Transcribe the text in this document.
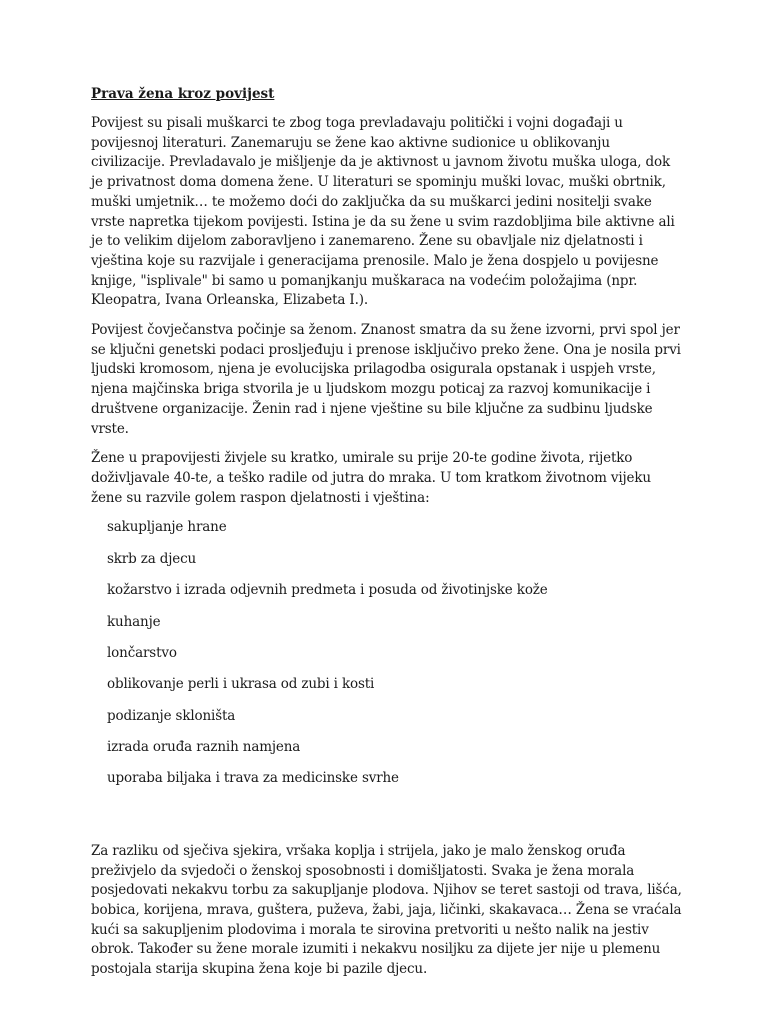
Prava žena kroz povijest

Povijest su pisali muškarci te zbog toga prevladavaju politički i vojni događaji u povijesnoj literaturi. Zanemaruju se žene kao aktivne sudionice u oblikovanju civilizacije. Prevladavalo je mišljenje da je aktivnost u javnom životu muška uloga, dok je privatnost doma domena žene. U literaturi se spominju muški lovac, muški obrtnik, muški umjetnik… te možemo doći do zaključka da su muškarci jedini nositelji svake vrste napretka tijekom povijesti. Istina je da su žene u svim razdobljima bile aktivne ali je to velikim dijelom zaboravljeno i zanemareno. Žene su obavljale niz djelatnosti i vještina koje su razvijale i generacijama prenosile. Malo je žena dospjelo u povijesne knjige, "isplivale" bi samo u pomanjkanju muškaraca na vodećim položajima (npr. Kleopatra, Ivana Orleanska, Elizabeta I.).

Povijest čovječanstva počinje sa ženom. Znanost smatra da su žene izvorni, prvi spol jer se ključni genetski podaci prosljeđuju i prenose isključivo preko žene. Ona je nosila prvi ljudski kromosom, njena je evolucijska prilagodba osigurala opstanak i uspjeh vrste, njena majčinska briga stvorila je u ljudskom mozgu poticaj za razvoj komunikacije i društvene organizacije. Ženin rad i njene vještine su bile ključne za sudbinu ljudske vrste.

Žene u prapovijesti živjele su kratko, umirale su prije 20-te godine života, rijetko doživljavale 40-te, a teško radile od jutra do mraka. U tom kratkom životnom vijeku žene su razvile golem raspon djelatnosti i vještina:

sakupljanje hrane
skrb za djecu
kožarstvo i izrada odjevnih predmeta i posuda od životinjske kože
kuhanje
lončarstvo
oblikovanje perli i ukrasa od zubi i kosti
podizanje skloništa
izrada oruđa raznih namjena
uporaba biljaka i trava za medicinske svrhe

Za razliku od sječiva sjekira, vršaka koplja i strijela, jako je malo ženskog oruđa preživjelo da svjedoči o ženskoj sposobnosti i domišljatosti. Svaka je žena morala posjedovati nekakvu torbu za sakupljanje plodova. Njihov se teret sastoji od trava, lišća, bobica, korijena, mrava, guštera, puževa, žabi, jaja, ličinki, skakavaca… Žena se vraćala kući sa sakupljenim plodovima i morala te sirovina pretvoriti u nešto nalik na jestiv obrok. Također su žene morale izumiti i nekakvu nosiljku za dijete jer nije u plemenu postojala starija skupina žena koje bi pazile djecu.
